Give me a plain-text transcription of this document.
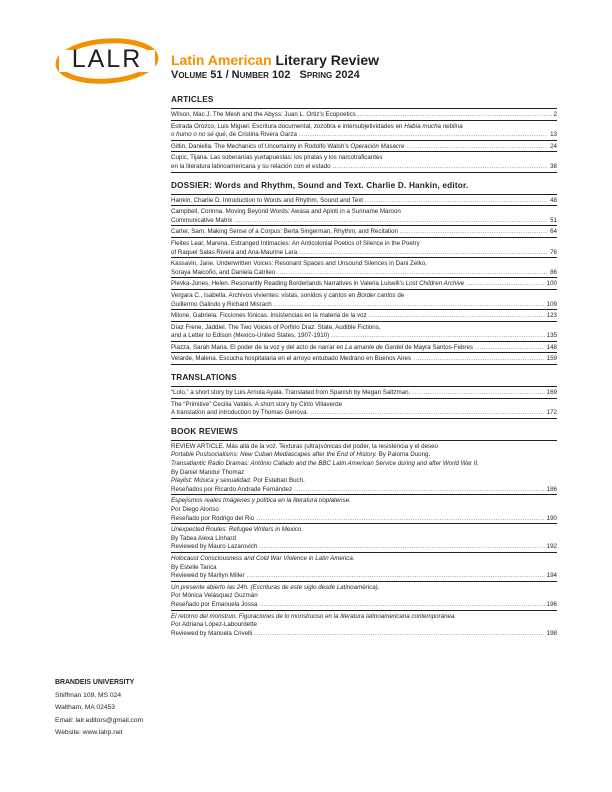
LALR	Latin American Literary Review
Volume 51 / Number 102 Spring 2024
ARTICLES
Wilson, Mac J. The Mesh and the Abyss: Juan L. Ortiz’s Ecopoetics . . .	2
Estrada Orozco, Luis Miguel. Escritura documental, zozobra e intersubjetividades en Había mucha neblina
o humo o no sé qué, de Cristina Rivera Garza . . .	13
Gitlin, Daniella. The Mechanics of Uncertainty in Rodolfo Walsh’s Operación Masacre . . .	24
Cupic, Tijana. Las soberanías yuxtapuestas: los piratas y los narcotraficantes
en la literatura latinoamericana y su relación con el estado . . .	38
DOSSIER: Words and Rhythm, Sound and Text. Charlie D. Hankin, editor.
Hankin, Charlie D. Introduction to Words and Rhythm, Sound and Text . . .	48
Campbell, Corinna. Moving Beyond Words: Awasa and Apinti in a Suriname Maroon
Communicative Matrix . . .	51
Carter, Sam. Making Sense of a Corpus: Berta Singerman, Rhythm, and Recitation . . .	64
Fleites Lear, Marena. Estranged Intimacies: An Anticolonial Poetics of Silence in the Poetry
of Raquel Salas Rivera and Ana-Maurine Lara . . .	76
Kassavin, Jane. Underwritten Voices: Resonant Spaces and Unsound Silences in Dani Zelko,
Soraya Maicoño, and Daniela Catrileo . . .	86
Plevka-Jones, Helen. Resonantly Reading Borderlands Narratives in Valeria Luiselli’s Lost Children Archive . . .	100
Vergara C., Isabella. Archivos vivientes: vistas, sonidos y cantos en Border cantos de
Guillermo Galindo y Richard Misrach . . .	109
Milone, Gabriela. Ficciones fónicas. Insistencias en la materia de la voz . . .	123
Díaz Frene, Jaddiel. The Two Voices of Porfirio Díaz: State, Audible Fictions,
and a Letter to Edison (Mexico-United States, 1907-1910) . . .	135
Piazza, Sarah Maria. El poder de la voz y del acto de narrar en La amante de Gardel de Mayra Santos-Febres . . .	148
Velarde, Malena. Escucha hospitalaria en el arroyo entubado Medrano en Buenos Aires . . .	159
TRANSLATIONS
“Lolo,” a short story by Luis Arriola Ayala. Translated from Spanish by Megan Saltzman. . . .	169
The “Primitive” Cecilia Valdés. A short story by Cirilo Villaverde
A translation and introduction by Thomas Genova. . . .	172
BOOK REVIEWS
REVIEW ARTICLE. Más allá de la voz. Texturas (ultra)sónicas del poder, la resistencia y el deseo
Portable Postsocialisms: New Cuban Mediascapes after the End of History. By Paloma Duong.
Transatlantic Radio Dramas: Antônio Callado and the BBC Latin American Service during and after World War II.
By Daniel Mandur Thomaz
Playlist: Música y sexualidad. Por Esteban Buch.
Reseñados por Ricardo Andrade Fernández . . .	186
Espejismos reales Imágenes y política en la literatura rioplatense.
Por Diego Alonso
Reseñado por Rodrigo del Rio . . .	190
Unexpected Routes: Refugee Writers in Mexico.
By Tabea Alexa Linhard
Reviewed by Mauro Lazarovich . . .	192
Holocaust Consciousness and Cold War Violence in Latin America.
By Estelle Tarica
Reviewed by Marilyn Miller . . .	194
Un presente abierto las 24h. (Escrituras de este siglo desde Latinoamérica).
Por Mónica Velásquez Guzmán
Reseñado por Emanuela Jossa . . .	196
El retorno del monstruo. Figuraciones de lo monstruoso en la literatura latinoamericana contemporánea.
Por Adriana López-Labourdette
Reviewed by Manuela Crivelli . . .	198
BRANDEIS UNIVERSITY
Shiffman 109, MS 024
Waltham, MA 02453
Email: lalr.editors@gmail.com
Website: www.lalrp.net
